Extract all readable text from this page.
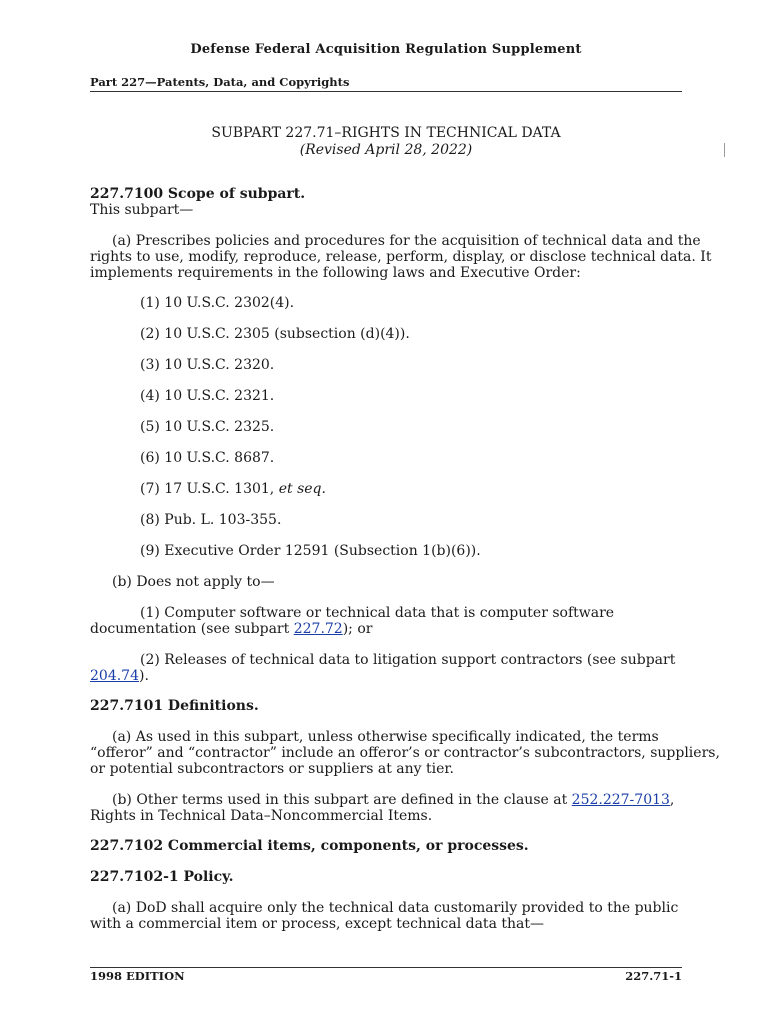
Defense Federal Acquisition Regulation Supplement
Part 227—Patents, Data, and Copyrights
SUBPART 227.71–RIGHTS IN TECHNICAL DATA
(Revised April 28, 2022)
227.7100 Scope of subpart.
This subpart—
(a) Prescribes policies and procedures for the acquisition of technical data and the
rights to use, modify, reproduce, release, perform, display, or disclose technical data. It
implements requirements in the following laws and Executive Order:
(1) 10 U.S.C. 2302(4).
(2) 10 U.S.C. 2305 (subsection (d)(4)).
(3) 10 U.S.C. 2320.
(4) 10 U.S.C. 2321.
(5) 10 U.S.C. 2325.
(6) 10 U.S.C. 8687.
(7) 17 U.S.C. 1301, et seq.
(8) Pub. L. 103-355.
(9) Executive Order 12591 (Subsection 1(b)(6)).
(b) Does not apply to—
(1) Computer software or technical data that is computer software
documentation (see subpart 227.72); or
(2) Releases of technical data to litigation support contractors (see subpart
204.74).
227.7101 Definitions.
(a) As used in this subpart, unless otherwise specifically indicated, the terms
“offeror” and “contractor” include an offeror’s or contractor’s subcontractors, suppliers,
or potential subcontractors or suppliers at any tier.
(b) Other terms used in this subpart are defined in the clause at 252.227-7013,
Rights in Technical Data–Noncommercial Items.
227.7102 Commercial items, components, or processes.
227.7102-1 Policy.
(a) DoD shall acquire only the technical data customarily provided to the public
with a commercial item or process, except technical data that—
1998 EDITION	227.71-1
